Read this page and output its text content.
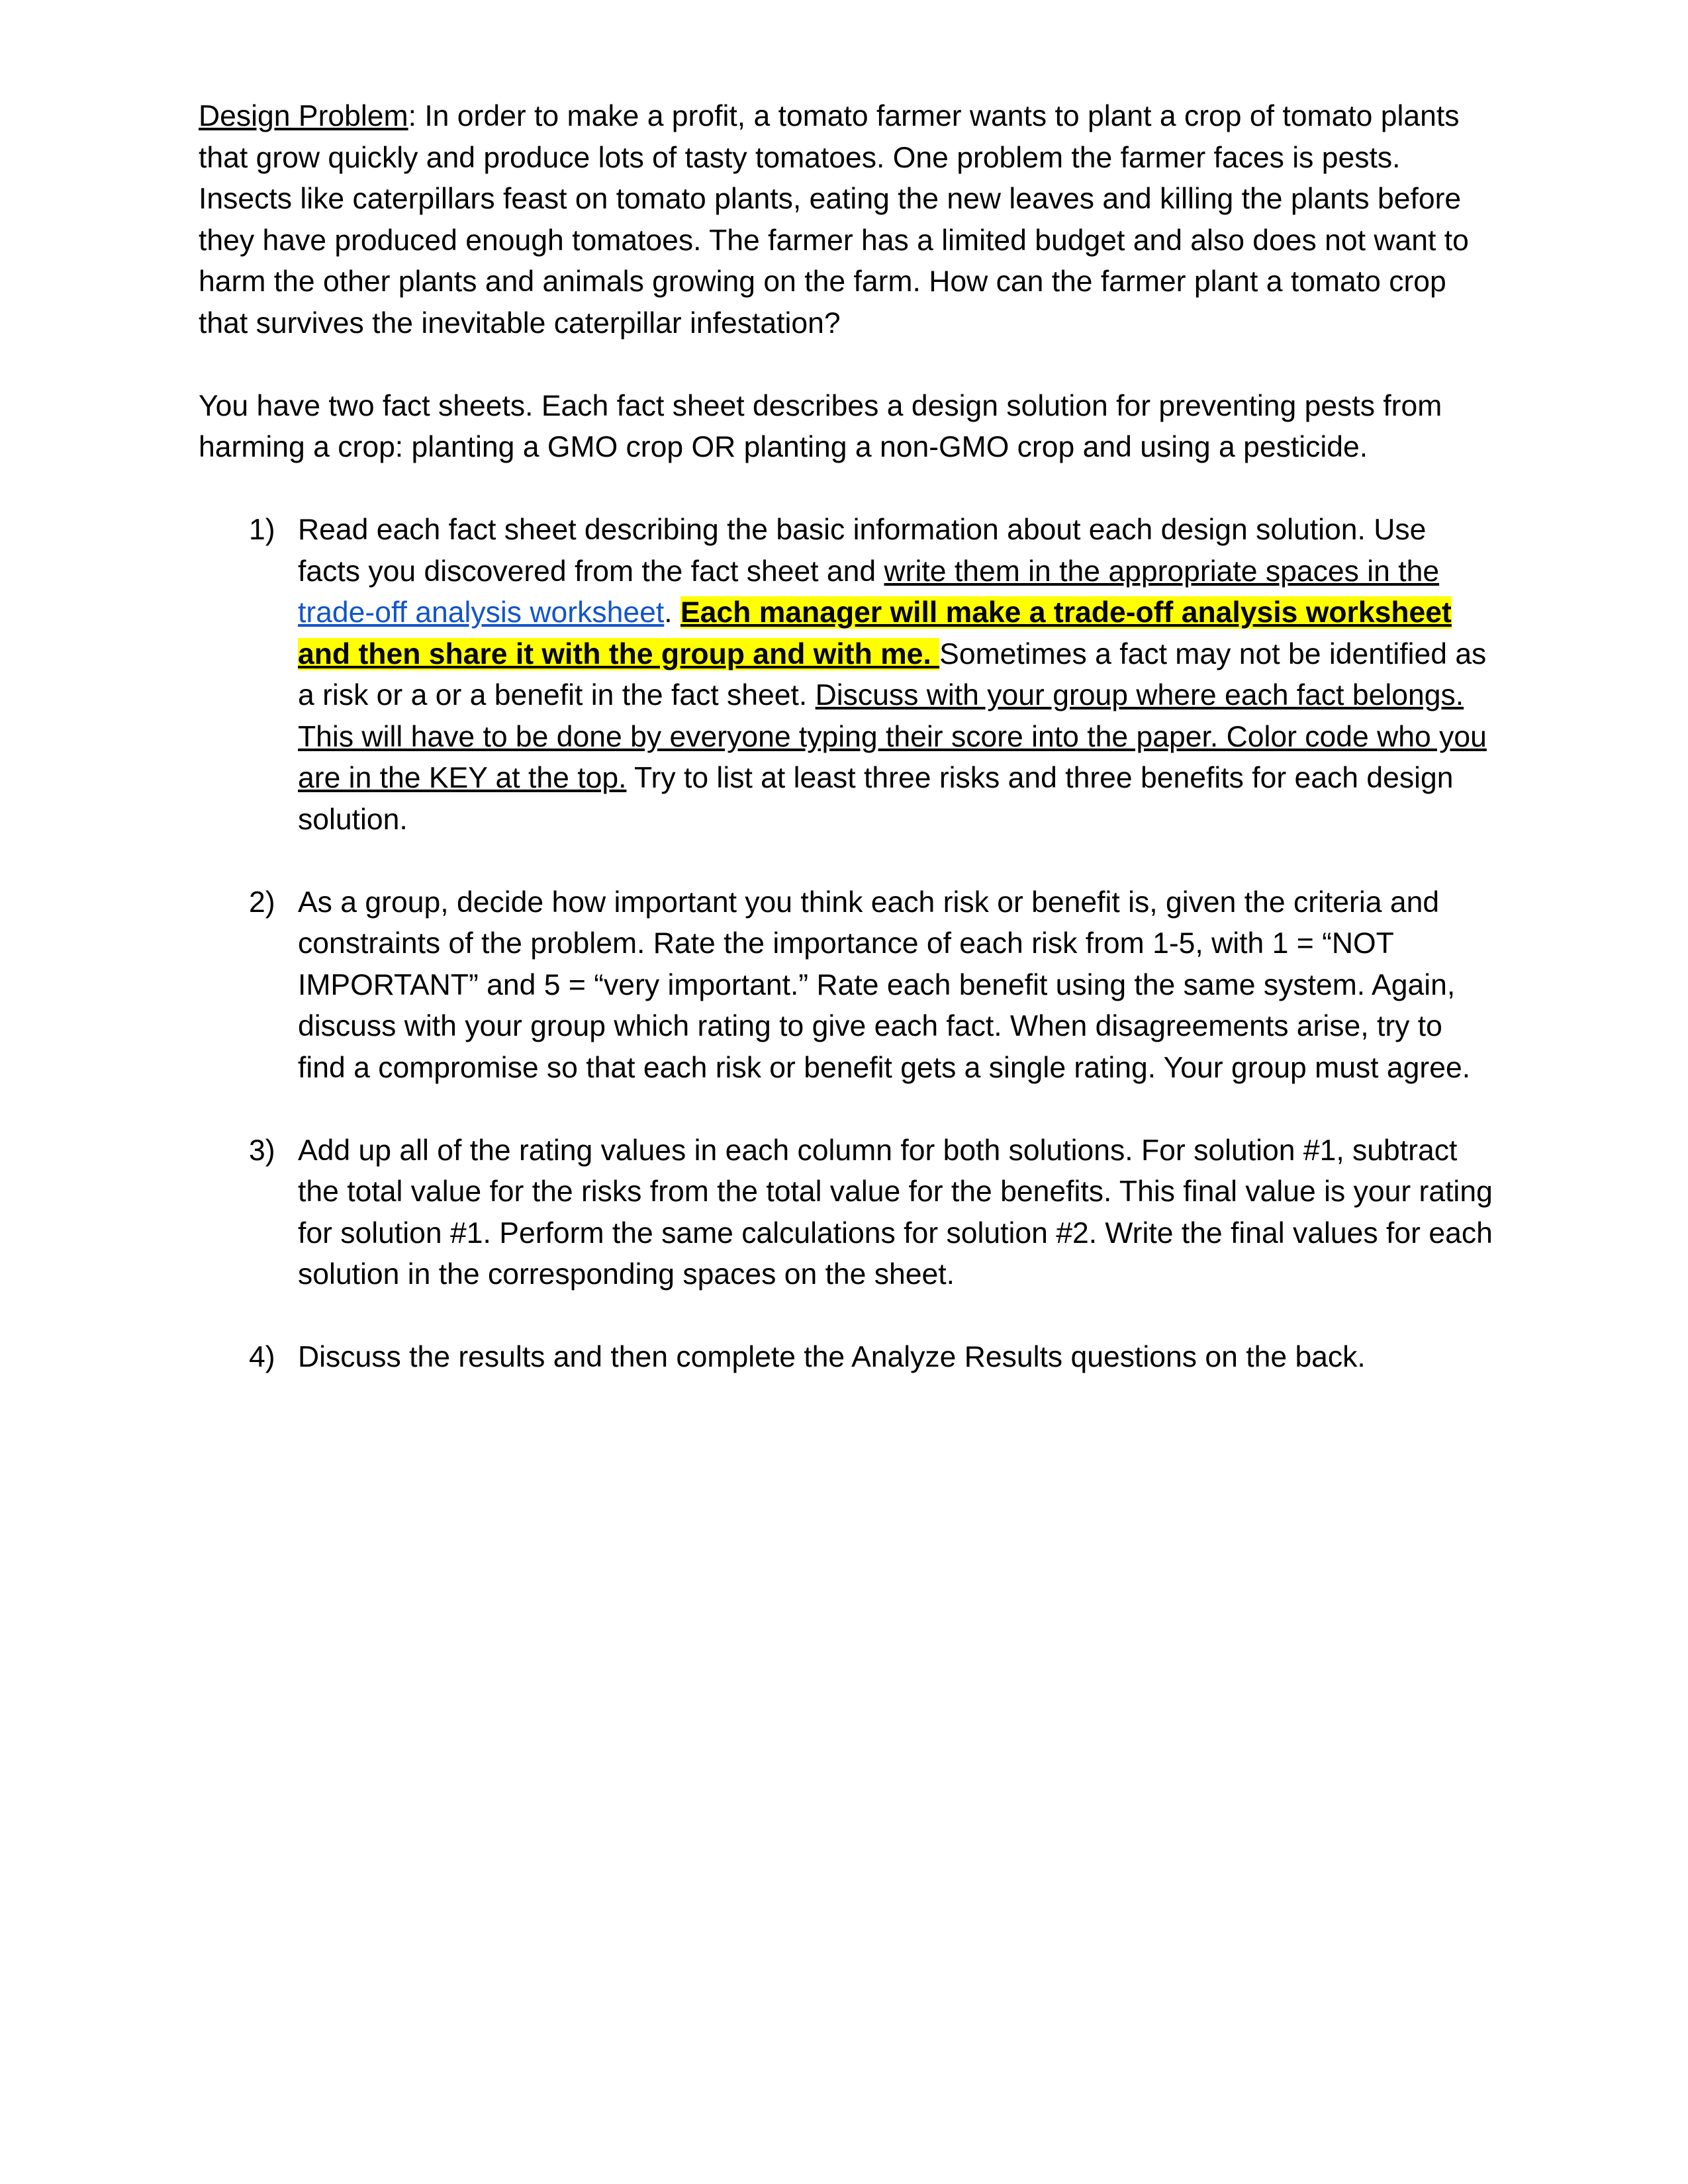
Design Problem: In order to make a profit, a tomato farmer wants to plant a crop of tomato plants that grow quickly and produce lots of tasty tomatoes. One problem the farmer faces is pests. Insects like caterpillars feast on tomato plants, eating the new leaves and killing the plants before they have produced enough tomatoes. The farmer has a limited budget and also does not want to harm the other plants and animals growing on the farm. How can the farmer plant a tomato crop that survives the inevitable caterpillar infestation?

You have two fact sheets. Each fact sheet describes a design solution for preventing pests from harming a crop: planting a GMO crop OR planting a non-GMO crop and using a pesticide.

1) Read each fact sheet describing the basic information about each design solution. Use facts you discovered from the fact sheet and write them in the appropriate spaces in the trade-off analysis worksheet. Each manager will make a trade-off analysis worksheet and then share it with the group and with me. Sometimes a fact may not be identified as a risk or a or a benefit in the fact sheet. Discuss with your group where each fact belongs. This will have to be done by everyone typing their score into the paper. Color code who you are in the KEY at the top. Try to list at least three risks and three benefits for each design solution.
2) As a group, decide how important you think each risk or benefit is, given the criteria and constraints of the problem. Rate the importance of each risk from 1-5, with 1 = “NOT IMPORTANT” and 5 = “very important.” Rate each benefit using the same system. Again, discuss with your group which rating to give each fact. When disagreements arise, try to find a compromise so that each risk or benefit gets a single rating. Your group must agree.
3) Add up all of the rating values in each column for both solutions. For solution #1, subtract the total value for the risks from the total value for the benefits. This final value is your rating for solution #1. Perform the same calculations for solution #2. Write the final values for each solution in the corresponding spaces on the sheet.
4) Discuss the results and then complete the Analyze Results questions on the back.
